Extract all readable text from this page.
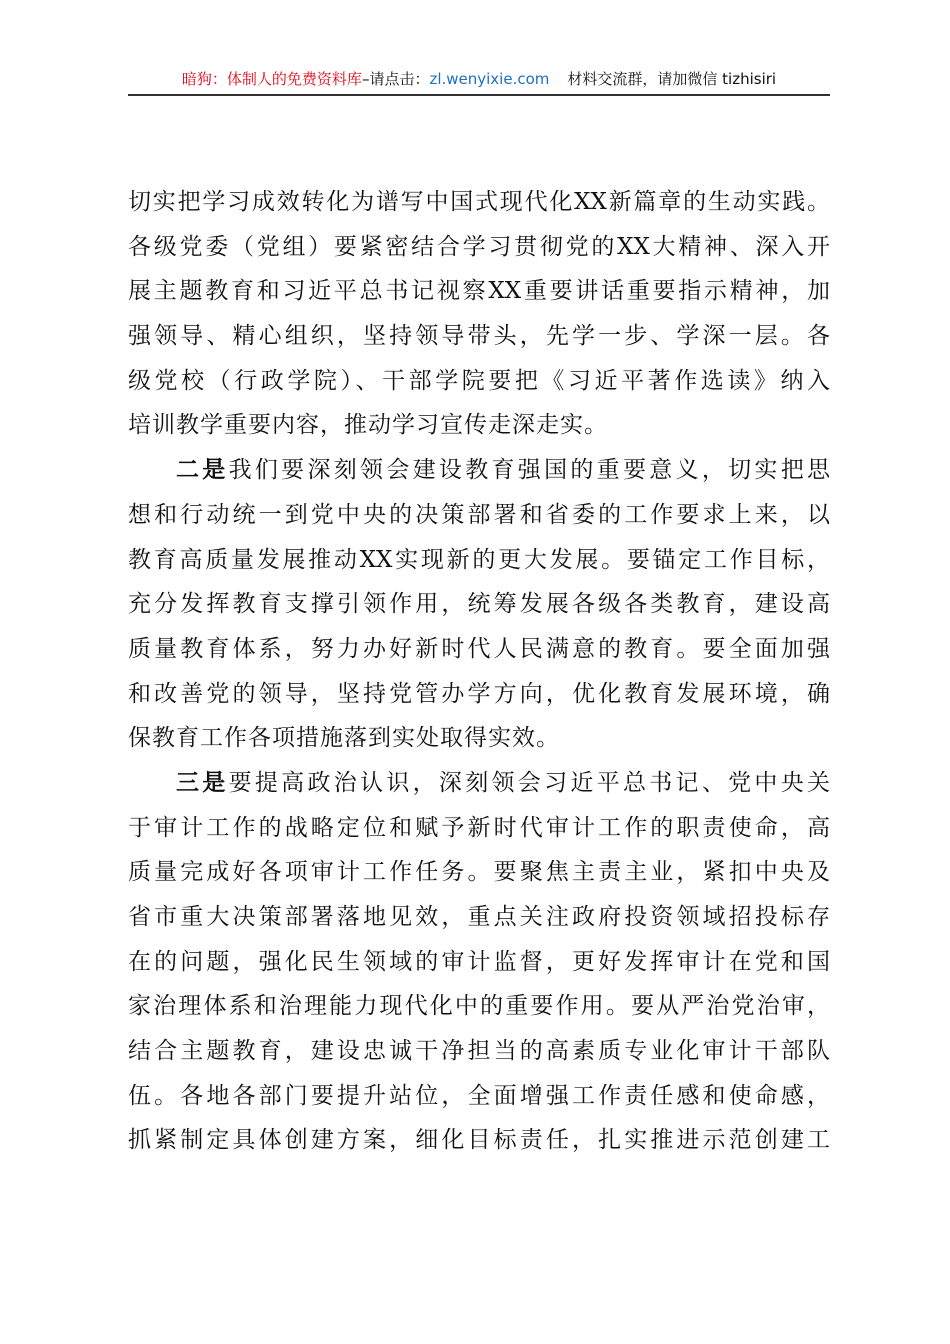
暗狗：体制人的免费资料库–请点击：zl.wenyixie.com 材料交流群，请加微信 tizhisiri
切实把学习成效转化为谱写中国式现代化XX新篇章的生动实践。
各级党委（党组）要紧密结合学习贯彻党的XX大精神、深入开
展主题教育和习近平总书记视察XX重要讲话重要指示精神，加
强领导、精心组织，坚持领导带头，先学一步、学深一层。各
级党校（行政学院）、干部学院要把《习近平著作选读》纳入
培训教学重要内容，推动学习宣传走深走实。
二是我们要深刻领会建设教育强国的重要意义，切实把思
想和行动统一到党中央的决策部署和省委的工作要求上来，以
教育高质量发展推动XX实现新的更大发展。要锚定工作目标，
充分发挥教育支撑引领作用，统筹发展各级各类教育，建设高
质量教育体系，努力办好新时代人民满意的教育。要全面加强
和改善党的领导，坚持党管办学方向，优化教育发展环境，确
保教育工作各项措施落到实处取得实效。
三是要提高政治认识，深刻领会习近平总书记、党中央关
于审计工作的战略定位和赋予新时代审计工作的职责使命，高
质量完成好各项审计工作任务。要聚焦主责主业，紧扣中央及
省市重大决策部署落地见效，重点关注政府投资领域招投标存
在的问题，强化民生领域的审计监督，更好发挥审计在党和国
家治理体系和治理能力现代化中的重要作用。要从严治党治审，
结合主题教育，建设忠诚干净担当的高素质专业化审计干部队
伍。各地各部门要提升站位，全面增强工作责任感和使命感，
抓紧制定具体创建方案，细化目标责任，扎实推进示范创建工
